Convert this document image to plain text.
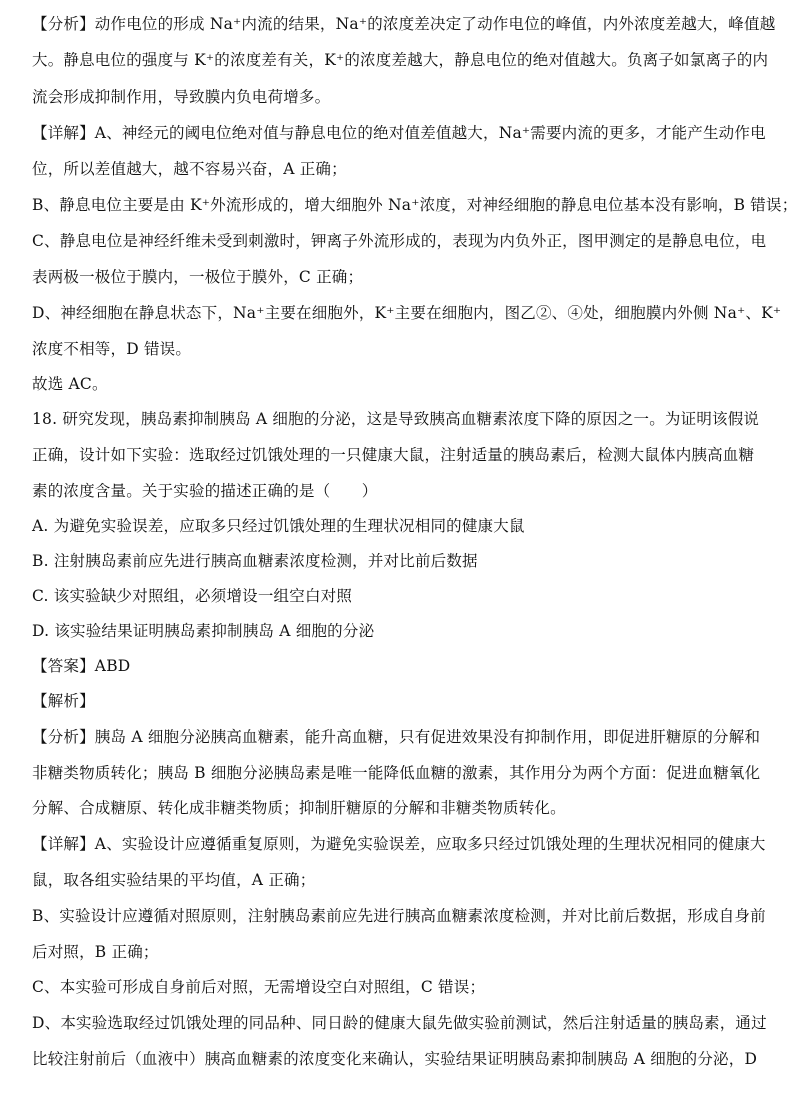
【分析】动作电位的形成 Na⁺内流的结果，Na⁺的浓度差决定了动作电位的峰值，内外浓度差越大，峰值越
大。静息电位的强度与 K⁺的浓度差有关，K⁺的浓度差越大，静息电位的绝对值越大。负离子如氯离子的内
流会形成抑制作用，导致膜内负电荷增多。
【详解】A、神经元的阈电位绝对值与静息电位的绝对值差值越大，Na⁺需要内流的更多，才能产生动作电
位，所以差值越大，越不容易兴奋，A 正确；
B、静息电位主要是由 K⁺外流形成的，增大细胞外 Na⁺浓度，对神经细胞的静息电位基本没有影响，B 错误；
C、静息电位是神经纤维未受到刺激时，钾离子外流形成的，表现为内负外正，图甲测定的是静息电位，电
表两极一极位于膜内，一极位于膜外，C 正确；
D、神经细胞在静息状态下，Na⁺主要在细胞外，K⁺主要在细胞内，图乙②、④处，细胞膜内外侧 Na⁺、K⁺
浓度不相等，D 错误。
故选 AC。
18. 研究发现，胰岛素抑制胰岛 A 细胞的分泌，这是导致胰高血糖素浓度下降的原因之一。为证明该假说
正确，设计如下实验：选取经过饥饿处理的一只健康大鼠，注射适量的胰岛素后，检测大鼠体内胰高血糖
素的浓度含量。关于实验的描述正确的是（　　）
A. 为避免实验误差，应取多只经过饥饿处理的生理状况相同的健康大鼠
B. 注射胰岛素前应先进行胰高血糖素浓度检测，并对比前后数据
C. 该实验缺少对照组，必须增设一组空白对照
D. 该实验结果证明胰岛素抑制胰岛 A 细胞的分泌
【答案】ABD
【解析】
【分析】胰岛 A 细胞分泌胰高血糖素，能升高血糖，只有促进效果没有抑制作用，即促进肝糖原的分解和
非糖类物质转化；胰岛 B 细胞分泌胰岛素是唯一能降低血糖的激素，其作用分为两个方面：促进血糖氧化
分解、合成糖原、转化成非糖类物质；抑制肝糖原的分解和非糖类物质转化。
【详解】A、实验设计应遵循重复原则，为避免实验误差，应取多只经过饥饿处理的生理状况相同的健康大
鼠，取各组实验结果的平均值，A 正确；
B、实验设计应遵循对照原则，注射胰岛素前应先进行胰高血糖素浓度检测，并对比前后数据，形成自身前
后对照，B 正确；
C、本实验可形成自身前后对照，无需增设空白对照组，C 错误；
D、本实验选取经过饥饿处理的同品种、同日龄的健康大鼠先做实验前测试，然后注射适量的胰岛素，通过
比较注射前后（血液中）胰高血糖素的浓度变化来确认，实验结果证明胰岛素抑制胰岛 A 细胞的分泌，D
